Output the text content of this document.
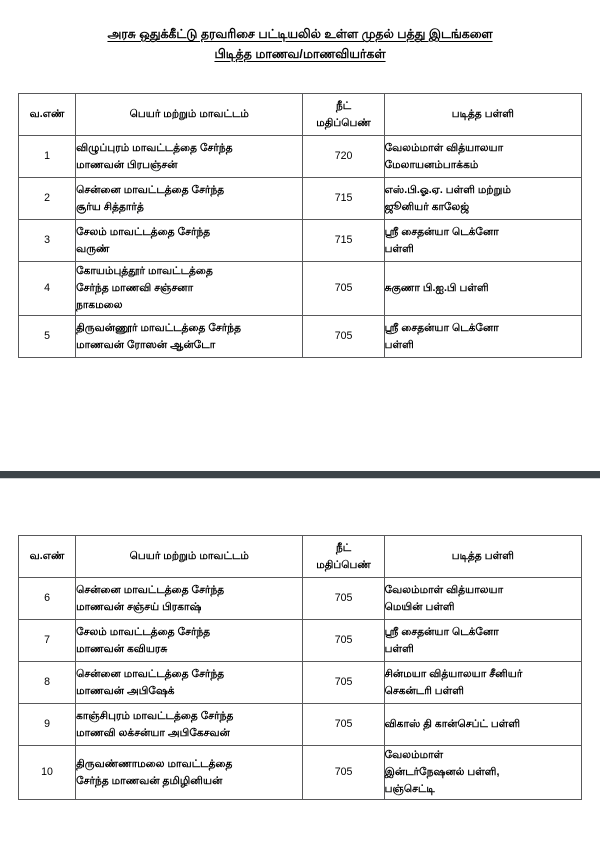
அரசு ஒதுக்கீட்டு தரவரிசை பட்டியலில் உள்ள முதல் பத்து இடங்களை
பிடித்த மாணவ/மாணவியர்கள்
வ.எண்	பெயர் மற்றும் மாவட்டம்	நீட்
மதிப்பெண்	படித்த பள்ளி
1	விழுப்புரம் மாவட்டத்தை சேர்ந்த
மாணவன் பிரபஞ்சன்	720	வேலம்மாள் வித்யாலயா
மேலாயனம்பாக்கம்

2	சென்னை மாவட்டத்தை சேர்ந்த
சூர்ய சித்தார்த்	715	எஸ்.பி.ஓ.ஏ. பள்ளி மற்றும்
ஜூனியர் காலேஜ்

3	சேலம் மாவட்டத்தை சேர்ந்த
வருண்	715	ஸ்ரீ சைதன்யா டெக்னோ
பள்ளி

4	கோயம்புத்தூர் மாவட்டத்தை
சேர்ந்த மாணவி சஞ்சனா
நாகமலை	705	சுகுணா பி.ஐ.பி பள்ளி

5	திருவன்ணூர் மாவட்டத்தை சேர்ந்த
மாணவன் ரோஸன் ஆன்டோ	705	ஸ்ரீ சைதன்யா டெக்னோ
பள்ளி
வ.எண்	பெயர் மற்றும் மாவட்டம்	நீட்
மதிப்பெண்	படித்த பள்ளி
6	சென்னை மாவட்டத்தை சேர்ந்த
மாணவன் சஞ்சய் பிரகாஷ்	705	வேலம்மாள் வித்யாலயா
மெயின் பள்ளி

7	சேலம் மாவட்டத்தை சேர்ந்த
மாணவன் கவியரசு	705	ஸ்ரீ சைதன்யா டெக்னோ
பள்ளி

8	சென்னை மாவட்டத்தை சேர்ந்த
மாணவன் அபிஷேக்	705	சின்மயா வித்யாலயா சீனியர்
செகன்டரி பள்ளி

9	காஞ்சிபுரம் மாவட்டத்தை சேர்ந்த
மாணவி லக்சன்யா அபிகேசவன்	705	விகாஸ் தி கான்செப்ட் பள்ளி

10	திருவண்ணாமலை மாவட்டத்தை
சேர்ந்த மாணவன் தமிழினியன்	705	வேலம்மாள்
இன்டர்நேஷனல் பள்ளி,
பஞ்செட்டி
